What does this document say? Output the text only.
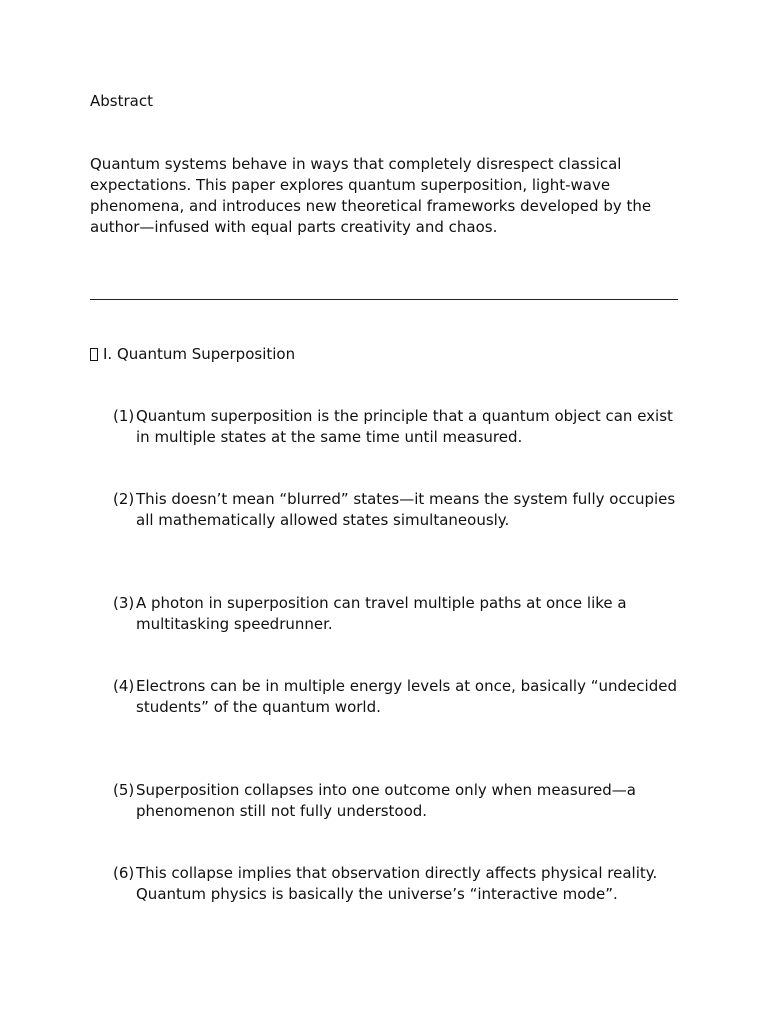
Abstract

Quantum systems behave in ways that completely disrespect classical expectations. This paper explores quantum superposition, light-wave phenomena, and introduces new theoretical frameworks developed by the author—infused with equal parts creativity and chaos.

I. Quantum Superposition
(1) Quantum superposition is the principle that a quantum object can exist in multiple states at the same time until measured.
(2) This doesn’t mean “blurred” states—it means the system fully occupies all mathematically allowed states simultaneously.
(3) A photon in superposition can travel multiple paths at once like a multitasking speedrunner.
(4) Electrons can be in multiple energy levels at once, basically “undecided students” of the quantum world.
(5) Superposition collapses into one outcome only when measured—a phenomenon still not fully understood.
(6) This collapse implies that observation directly affects physical reality. Quantum physics is basically the universe’s “interactive mode”.
